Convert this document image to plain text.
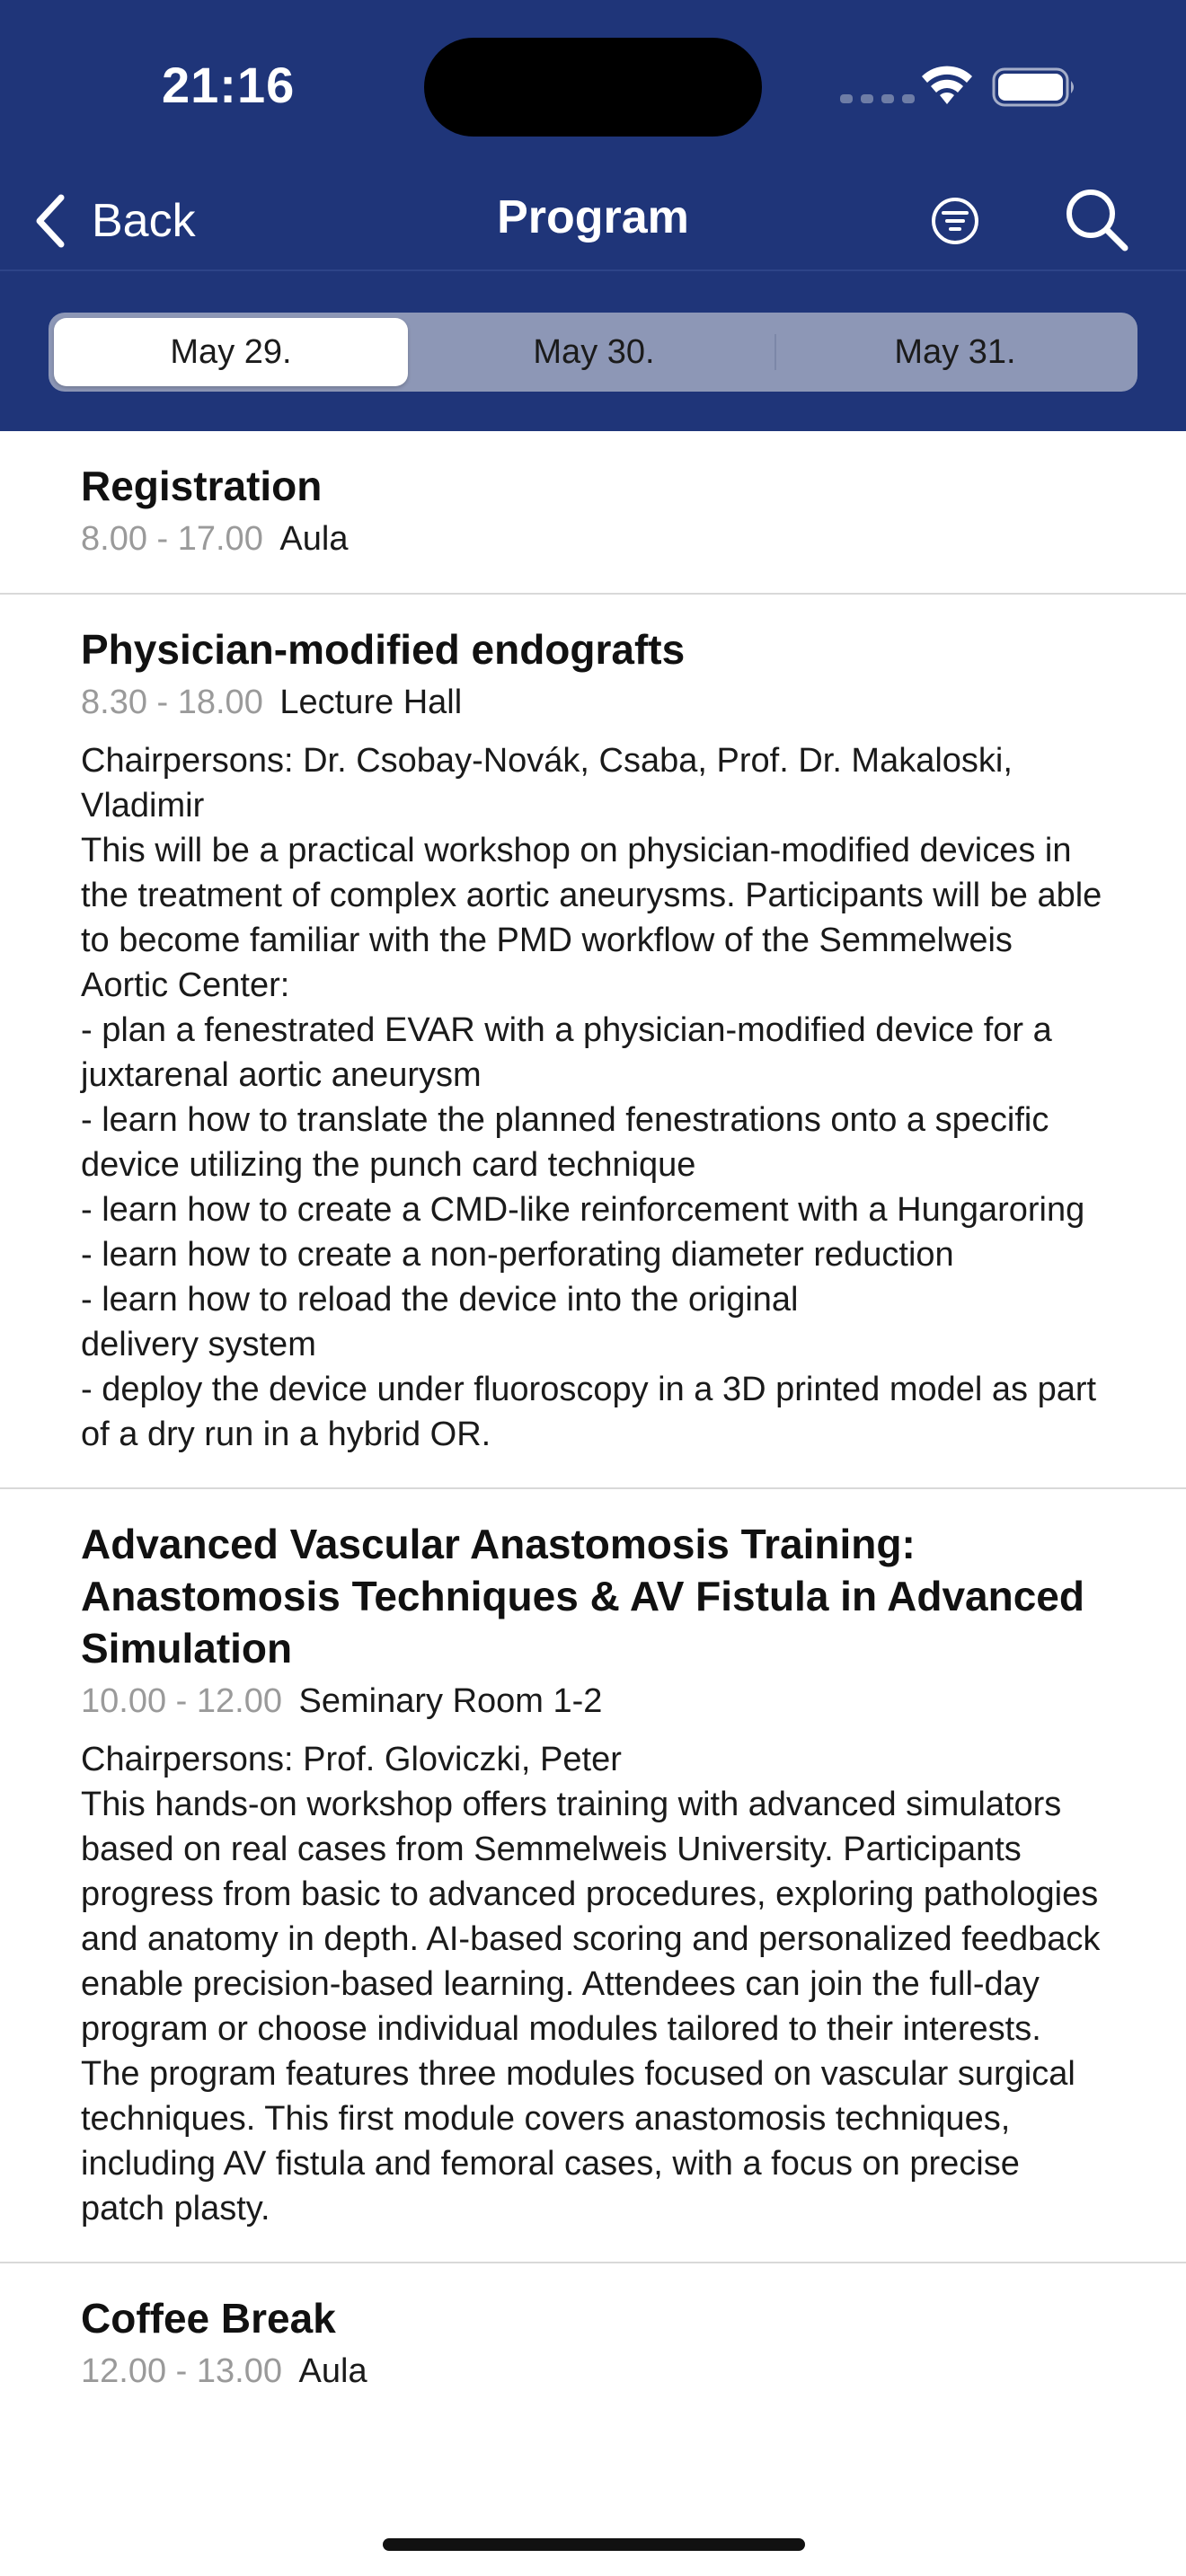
21:16
Back	Program
May 29.	May 30.	May 31.
Registration
8.00 - 17.00 Aula
Physician-modified endografts
8.30 - 18.00 Lecture Hall
Chairpersons: Dr. Csobay-Novák, Csaba, Prof. Dr. Makaloski, Vladimir
This will be a practical workshop on physician-modified devices in the treatment of complex aortic aneurysms. Participants will be able to become familiar with the PMD workflow of the Semmelweis Aortic Center:
- plan a fenestrated EVAR with a physician-modified device for a juxtarenal aortic aneurysm
- learn how to translate the planned fenestrations onto a specific device utilizing the punch card technique
- learn how to create a CMD-like reinforcement with a Hungaroring
- learn how to create a non-perforating diameter reduction
- learn how to reload the device into the original
delivery system
- deploy the device under fluoroscopy in a 3D printed model as part of a dry run in a hybrid OR.
Advanced Vascular Anastomosis Training: Anastomosis Techniques & AV Fistula in Advanced Simulation
10.00 - 12.00 Seminary Room 1-2
Chairpersons: Prof. Gloviczki, Peter
This hands-on workshop offers training with advanced simulators based on real cases from Semmelweis University. Participants progress from basic to advanced procedures, exploring pathologies and anatomy in depth. AI-based scoring and personalized feedback enable precision-based learning. Attendees can join the full-day program or choose individual modules tailored to their interests. The program features three modules focused on vascular surgical techniques. This first module covers anastomosis techniques, including AV fistula and femoral cases, with a focus on precise patch plasty.
Coffee Break
12.00 - 13.00 Aula
